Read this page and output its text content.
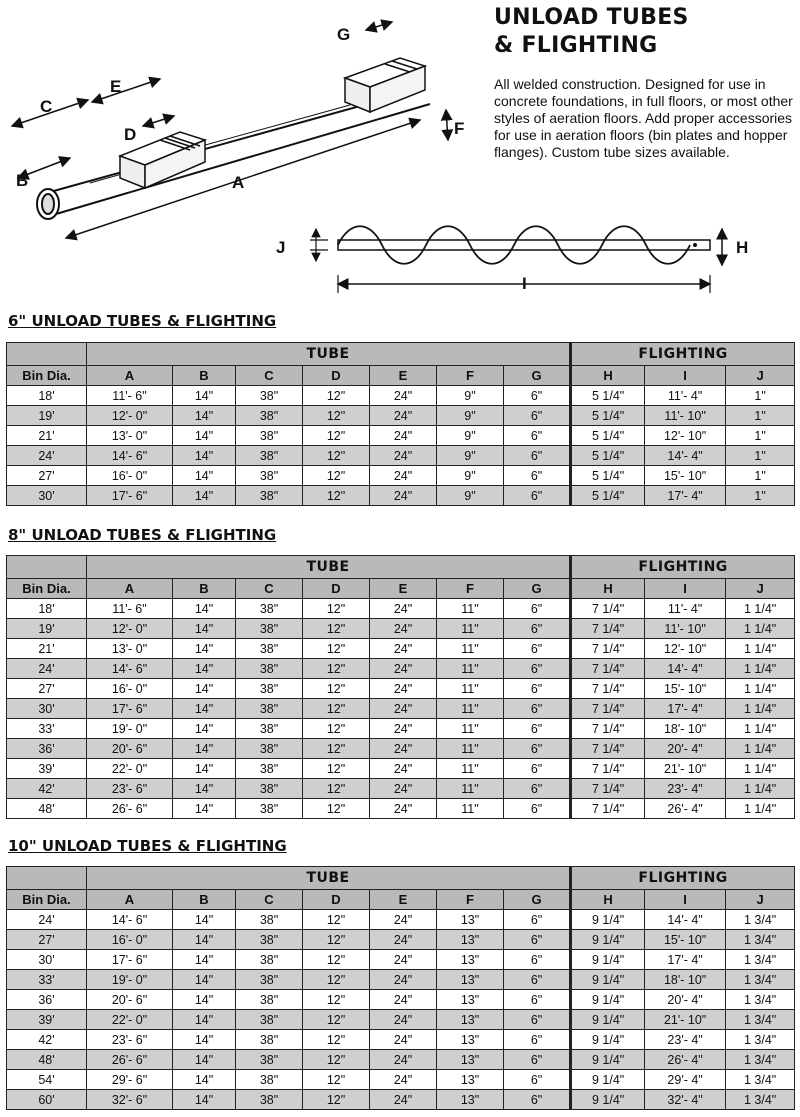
A
B
C
D
E
F
G
UNLOAD TUBES
& FLIGHTING

All welded construction. Designed for use in concrete foundations, in full floors, or most other styles of aeration floors. Add proper accessories for use in aeration floors (bin plates and hopper flanges). Custom tube sizes available.

H
I
J
6" UNLOAD TUBES & FLIGHTING
8" UNLOAD TUBES & FLIGHTING
10" UNLOAD TUBES & FLIGHTING
	TUBE							FLIGHTING		
Bin Dia.	A	B	C	D	E	F	G	H	I	J
18'	11'- 6"	14"	38"	12"	24"	9"	6"	5 1/4"	11'- 4"	1"
19'	12'- 0"	14"	38"	12"	24"	9"	6"	5 1/4"	11'- 10"	1"
21'	13'- 0"	14"	38"	12"	24"	9"	6"	5 1/4"	12'- 10"	1"
24'	14'- 6"	14"	38"	12"	24"	9"	6"	5 1/4"	14'- 4"	1"
27'	16'- 0"	14"	38"	12"	24"	9"	6"	5 1/4"	15'- 10"	1"
30'	17'- 6"	14"	38"	12"	24"	9"	6"	5 1/4"	17'- 4"	1"
	TUBE							FLIGHTING		
Bin Dia.	A	B	C	D	E	F	G	H	I	J
18'	11'- 6"	14"	38"	12"	24"	11"	6"	7 1/4"	11'- 4"	1 1/4"
19'	12'- 0"	14"	38"	12"	24"	11"	6"	7 1/4"	11'- 10"	1 1/4"
21'	13'- 0"	14"	38"	12"	24"	11"	6"	7 1/4"	12'- 10"	1 1/4"
24'	14'- 6"	14"	38"	12"	24"	11"	6"	7 1/4"	14'- 4"	1 1/4"
27'	16'- 0"	14"	38"	12"	24"	11"	6"	7 1/4"	15'- 10"	1 1/4"
30'	17'- 6"	14"	38"	12"	24"	11"	6"	7 1/4"	17'- 4"	1 1/4"
33'	19'- 0"	14"	38"	12"	24"	11"	6"	7 1/4"	18'- 10"	1 1/4"
36'	20'- 6"	14"	38"	12"	24"	11"	6"	7 1/4"	20'- 4"	1 1/4"
39'	22'- 0"	14"	38"	12"	24"	11"	6"	7 1/4"	21'- 10"	1 1/4"
42'	23'- 6"	14"	38"	12"	24"	11"	6"	7 1/4"	23'- 4"	1 1/4"
48'	26'- 6"	14"	38"	12"	24"	11"	6"	7 1/4"	26'- 4"	1 1/4"
	TUBE							FLIGHTING		
Bin Dia.	A	B	C	D	E	F	G	H	I	J
24'	14'- 6"	14"	38"	12"	24"	13"	6"	9 1/4"	14'- 4"	1 3/4"
27'	16'- 0"	14"	38"	12"	24"	13"	6"	9 1/4"	15'- 10"	1 3/4"
30'	17'- 6"	14"	38"	12"	24"	13"	6"	9 1/4"	17'- 4"	1 3/4"
33'	19'- 0"	14"	38"	12"	24"	13"	6"	9 1/4"	18'- 10"	1 3/4"
36'	20'- 6"	14"	38"	12"	24"	13"	6"	9 1/4"	20'- 4"	1 3/4"
39'	22'- 0"	14"	38"	12"	24"	13"	6"	9 1/4"	21'- 10"	1 3/4"
42'	23'- 6"	14"	38"	12"	24"	13"	6"	9 1/4"	23'- 4"	1 3/4"
48'	26'- 6"	14"	38"	12"	24"	13"	6"	9 1/4"	26'- 4"	1 3/4"
54'	29'- 6"	14"	38"	12"	24"	13"	6"	9 1/4"	29'- 4"	1 3/4"
60'	32'- 6"	14"	38"	12"	24"	13"	6"	9 1/4"	32'- 4"	1 3/4"
